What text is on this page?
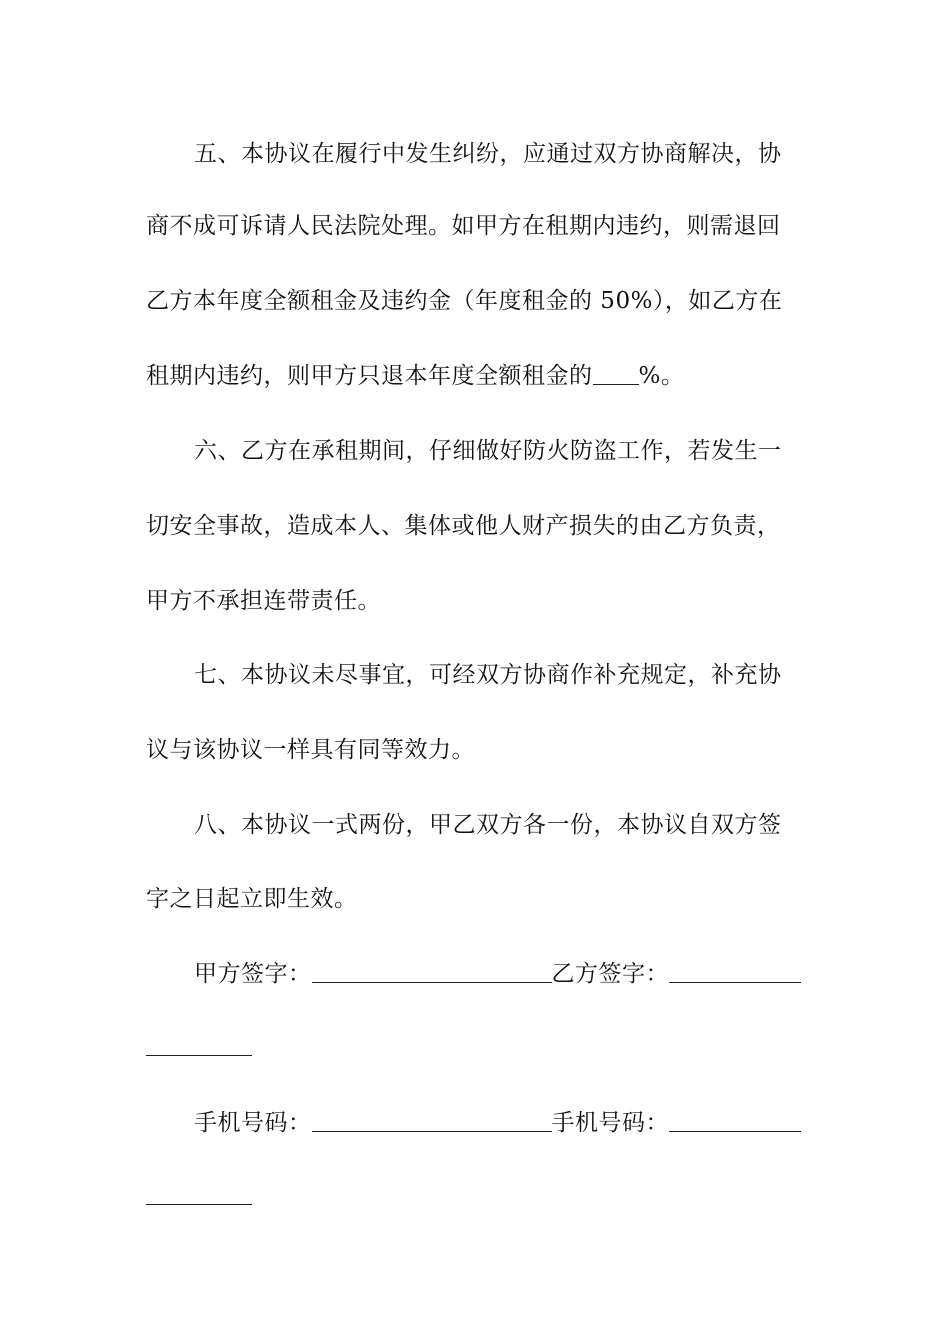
五、本协议在履行中发生纠纷，应通过双方协商解决，协
商不成可诉请人民法院处理。如甲方在租期内违约，则需退回
乙方本年度全额租金及违约金（年度租金的 50%），如乙方在
租期内违约，则甲方只退本年度全额租金的 %。
六、乙方在承租期间，仔细做好防火防盗工作，若发生一
切安全事故，造成本人、集体或他人财产损失的由乙方负责，
甲方不承担连带责任。
七、本协议未尽事宜，可经双方协商作补充规定，补充协
议与该协议一样具有同等效力。
八、本协议一式两份，甲乙双方各一份，本协议自双方签
字之日起立即生效。
甲方签字：	乙方签字：
手机号码：	手机号码：
